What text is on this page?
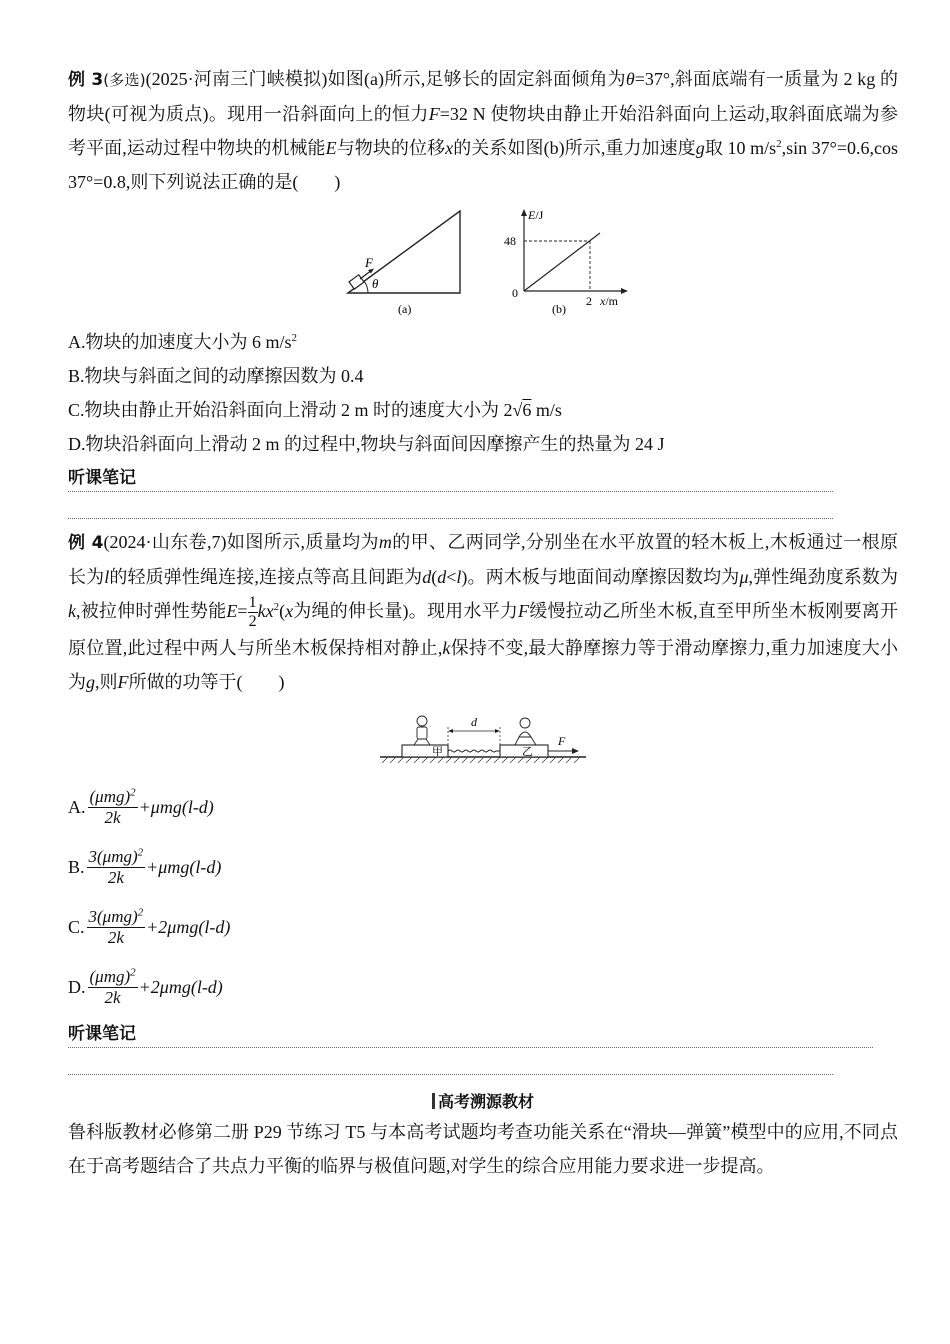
例 3(多选)(2025·河南三门峡模拟)如图(a)所示,足够长的固定斜面倾角为θ=37°,斜面底端有一质量为 2 kg 的物块(可视为质点)。现用一沿斜面向上的恒力F=32 N 使物块由静止开始沿斜面向上运动,取斜面底端为参考平面,运动过程中物块的机械能E与物块的位移x的关系如图(b)所示,重力加速度g取 10 $m/s^2,\sin$ 37°=0.6,cos 37°=0.8,则下列说法正确的是(　　)

F
θ
(a)
E/J
48
0
2 x/m
(b)

A.物块的加速度大小为 6 $m/s^2$

B.物块与斜面之间的动摩擦因数为 0.4

C.物块由静止开始沿斜面向上滑动 2 m 时的速度大小为 2√6 m/s

D.物块沿斜面向上滑动 2 m 的过程中,物块与斜面间因摩擦产生的热量为 24 J

听课笔记

例 4(2024·山东卷,7)如图所示,质量均为m的甲、乙两同学,分别坐在水平放置的轻木板上,木板通过一根原长为l的轻质弹性绳连接,连接点等高且间距为d(d<l)。两木板与地面间动摩擦因数均为μ,弹性绳劲度系数为k,被拉伸时弹性势能$E= \frac{1}{2} kx^2(x$为绳的伸长量)。现用水平力F缓慢拉动乙所坐木板,直至甲所坐木板刚要离开原位置,此过程中两人与所坐木板保持相对静止,k保持不变,最大静摩擦力等于滑动摩擦力,重力加速度大小为g,则F所做的功等于(　　)

甲	乙
d
F
A. $\frac{(\mu mg)^2}{2k} +\mu mg(l-d)$
B. $\frac{3(\mu mg)^2}{2k} +\mu mg(l-d)$
C. $\frac{3(\mu mg)^2}{2k} +2\mu mg(l-d)$
D. $\frac{(\mu mg)^2}{2k} +2\mu mg(l-d)$
听课笔记
高考溯源教材

鲁科版教材必修第二册 P29 节练习 T5 与本高考试题均考查功能关系在“滑块—弹簧”模型中的应用,不同点在于高考题结合了共点力平衡的临界与极值问题,对学生的综合应用能力要求进一步提高。
